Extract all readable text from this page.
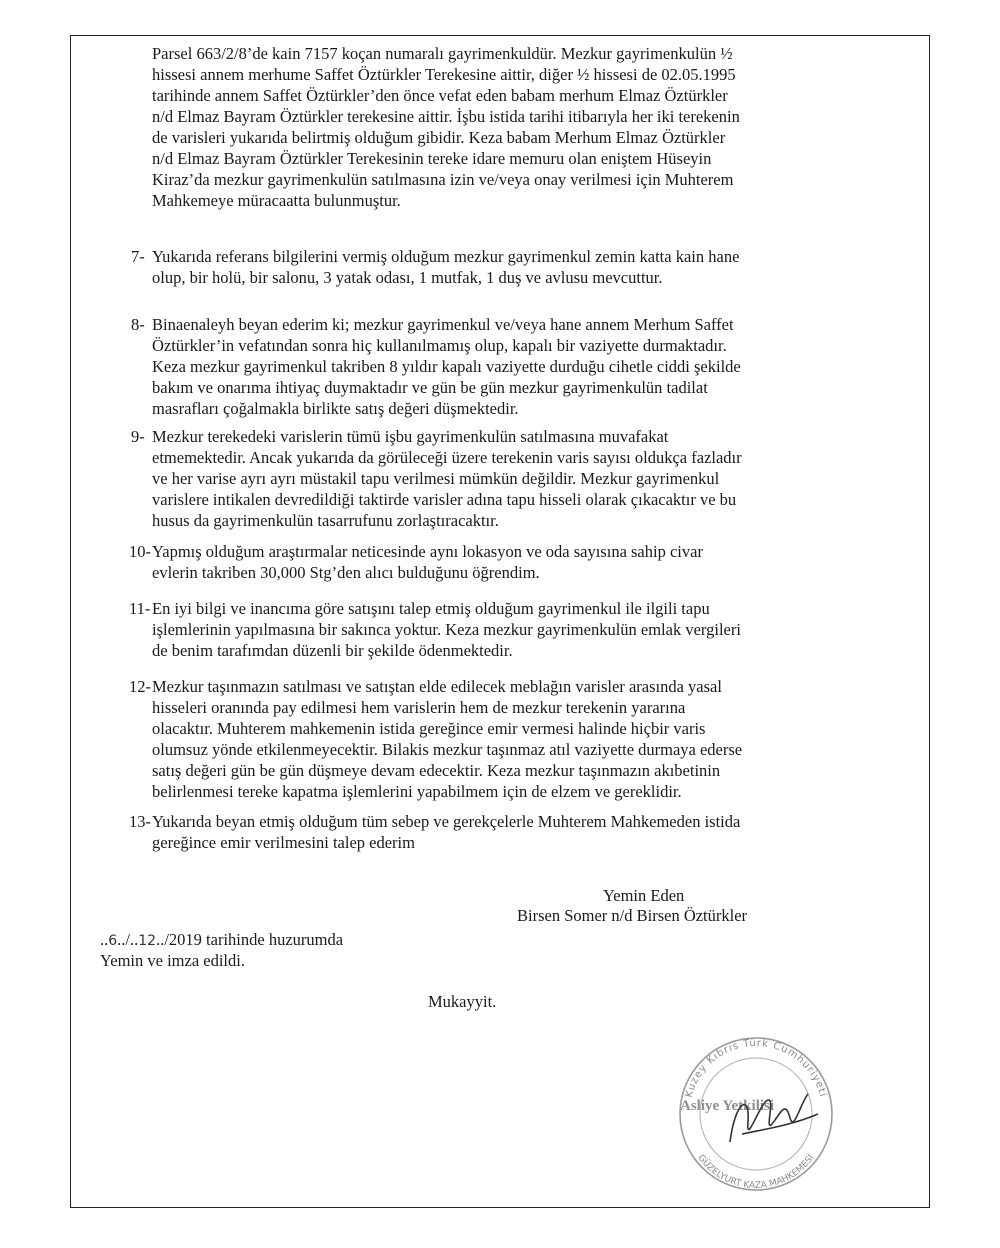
Parsel 663/2/8’de kain 7157 koçan numaralı gayrimenkuldür. Mezkur gayrimenkulün ½
hissesi annem merhume Saffet Öztürkler Terekesine aittir, diğer ½ hissesi de 02.05.1995
tarihinde annem Saffet Öztürkler’den önce vefat eden babam merhum Elmaz Öztürkler
n/d Elmaz Bayram Öztürkler terekesine aittir. İşbu istida tarihi itibarıyla her iki terekenin
de varisleri yukarıda belirtmiş olduğum gibidir. Keza babam Merhum Elmaz Öztürkler
n/d Elmaz Bayram Öztürkler Terekesinin tereke idare memuru olan eniştem Hüseyin
Kiraz’da mezkur gayrimenkulün satılmasına izin ve/veya onay verilmesi için Muhterem
Mahkemeye müracaatta bulunmuştur.
7- Yukarıda referans bilgilerini vermiş olduğum mezkur gayrimenkul zemin katta kain hane
olup, bir holü, bir salonu, 3 yatak odası, 1 mutfak, 1 duş ve avlusu mevcuttur.
8- Binaenaleyh beyan ederim ki; mezkur gayrimenkul ve/veya hane annem Merhum Saffet
Öztürkler’in vefatından sonra hiç kullanılmamış olup, kapalı bir vaziyette durmaktadır.
Keza mezkur gayrimenkul takriben 8 yıldır kapalı vaziyette durduğu cihetle ciddi şekilde
bakım ve onarıma ihtiyaç duymaktadır ve gün be gün mezkur gayrimenkulün tadilat
masrafları çoğalmakla birlikte satış değeri düşmektedir.
9- Mezkur terekedeki varislerin tümü işbu gayrimenkulün satılmasına muvafakat
etmemektedir. Ancak yukarıda da görüleceği üzere terekenin varis sayısı oldukça fazladır
ve her varise ayrı ayrı müstakil tapu verilmesi mümkün değildir. Mezkur gayrimenkul
varislere intikalen devredildiği taktirde varisler adına tapu hisseli olarak çıkacaktır ve bu
husus da gayrimenkulün tasarrufunu zorlaştıracaktır.
10- Yapmış olduğum araştırmalar neticesinde aynı lokasyon ve oda sayısına sahip civar
evlerin takriben 30,000 Stg’den alıcı bulduğunu öğrendim.
11- En iyi bilgi ve inancıma göre satışını talep etmiş olduğum gayrimenkul ile ilgili tapu
işlemlerinin yapılmasına bir sakınca yoktur. Keza mezkur gayrimenkulün emlak vergileri
de benim tarafımdan düzenli bir şekilde ödenmektedir.
12- Mezkur taşınmazın satılması ve satıştan elde edilecek meblağın varisler arasında yasal
hisseleri oranında pay edilmesi hem varislerin hem de mezkur terekenin yararına
olacaktır. Muhterem mahkemenin istida gereğince emir vermesi halinde hiçbir varis
olumsuz yönde etkilenmeyecektir. Bilakis mezkur taşınmaz atıl vaziyette durmaya ederse
satış değeri gün be gün düşmeye devam edecektir. Keza mezkur taşınmazın akıbetinin
belirlenmesi tereke kapatma işlemlerini yapabilmem için de elzem ve gereklidir.
13- Yukarıda beyan etmiş olduğum tüm sebep ve gerekçelerle Muhterem Mahkemeden istida
gereğince emir verilmesini talep ederim
Yemin Eden
Birsen Somer n/d Birsen Öztürkler
..6../..12../2019 tarihinde huzurumda
Yemin ve imza edildi.
Mukayyit.
Kuzey Kıbrıs Türk Cumhuriyeti
GÜZELYURT KAZA MAHKEMESİ
Asliye Yetkilisi
